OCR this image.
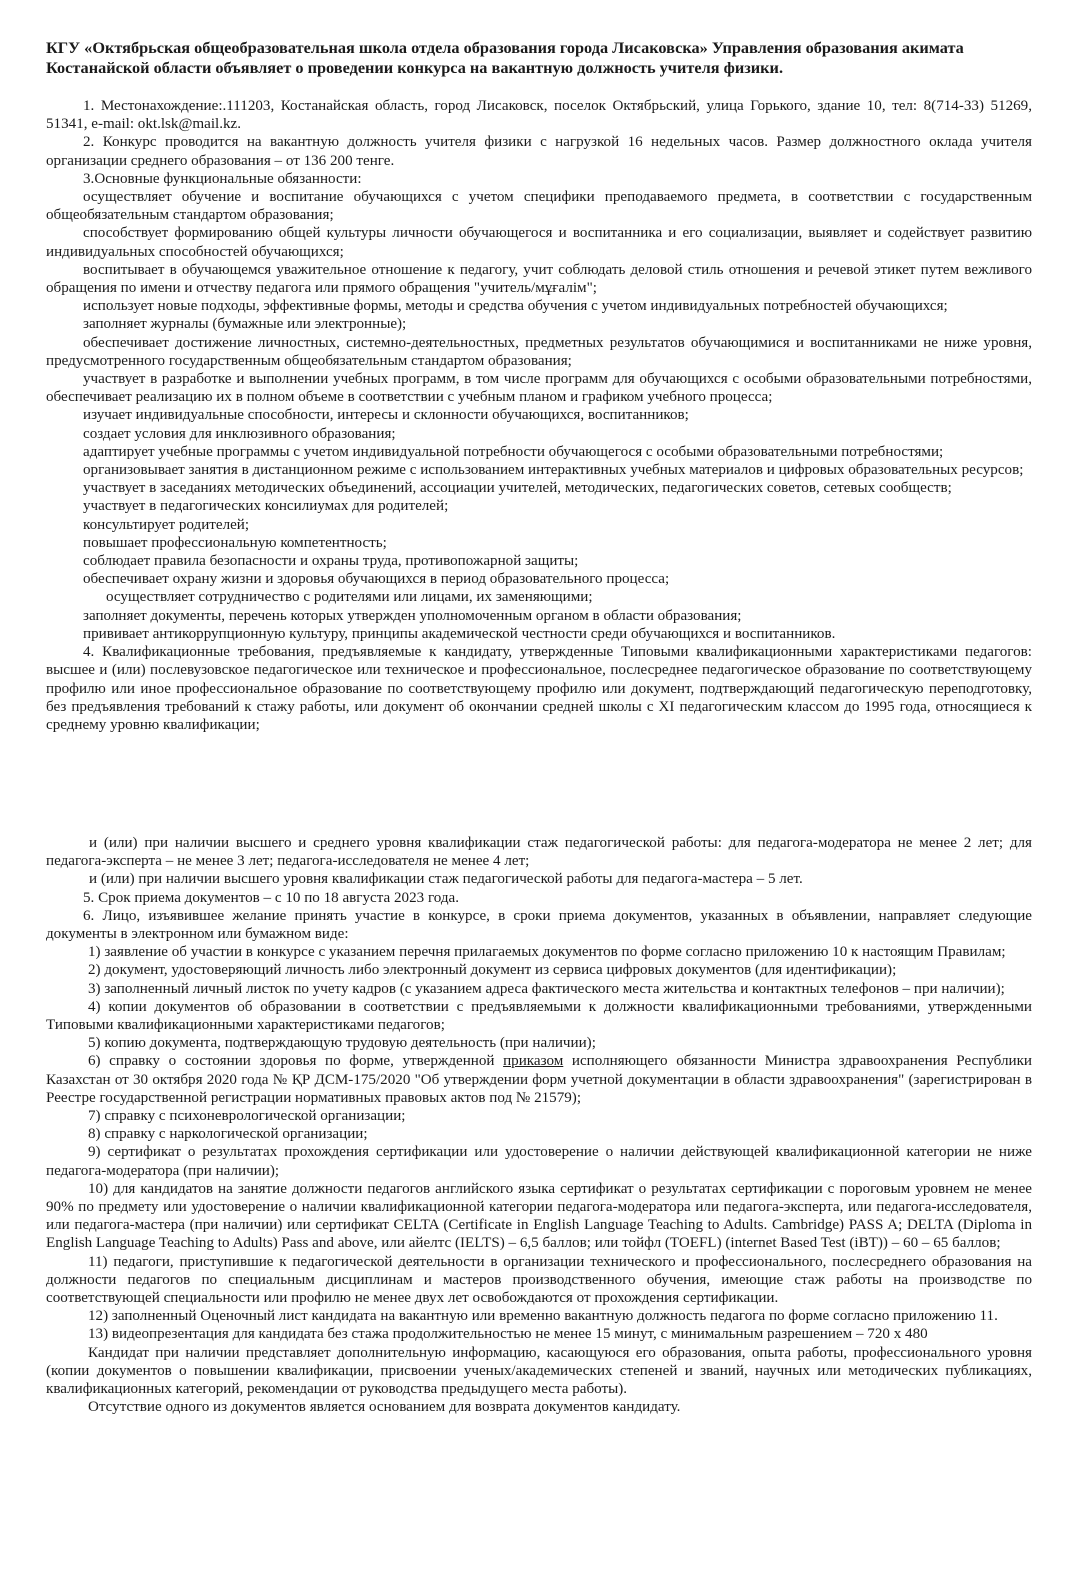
КГУ «Октябрьская общеобразовательная школа отдела образования города Лисаковска» Управления образования акимата Костанайской области объявляет о проведении конкурса на вакантную должность учителя физики.

1. Местонахождение:.111203, Костанайская область, город Лисаковск, поселок Октябрьский, улица Горького, здание 10, тел: 8(714-33) 51269, 51341, e-mail: okt.lsk@mail.kz.

2. Конкурс проводится на вакантную должность учителя физики с нагрузкой 16 недельных часов. Размер должностного оклада учителя организации среднего образования – от 136 200 тенге.

3.Основные функциональные обязанности:

осуществляет обучение и воспитание обучающихся с учетом специфики преподаваемого предмета, в соответствии с государственным общеобязательным стандартом образования;

способствует формированию общей культуры личности обучающегося и воспитанника и его социализации, выявляет и содействует развитию индивидуальных способностей обучающихся;

воспитывает в обучающемся уважительное отношение к педагогу, учит соблюдать деловой стиль отношения и речевой этикет путем вежливого обращения по имени и отчеству педагога или прямого обращения "учитель/мұғалім";

использует новые подходы, эффективные формы, методы и средства обучения с учетом индивидуальных потребностей обучающихся;

заполняет журналы (бумажные или электронные);

обеспечивает достижение личностных, системно-деятельностных, предметных результатов обучающимися и воспитанниками не ниже уровня, предусмотренного государственным общеобязательным стандартом образования;

участвует в разработке и выполнении учебных программ, в том числе программ для обучающихся с особыми образовательными потребностями, обеспечивает реализацию их в полном объеме в соответствии с учебным планом и графиком учебного процесса;

изучает индивидуальные способности, интересы и склонности обучающихся, воспитанников;

создает условия для инклюзивного образования;

адаптирует учебные программы с учетом индивидуальной потребности обучающегося с особыми образовательными потребностями;

организовывает занятия в дистанционном режиме с использованием интерактивных учебных материалов и цифровых образовательных ресурсов;

участвует в заседаниях методических объединений, ассоциации учителей, методических, педагогических советов, сетевых сообществ;

участвует в педагогических консилиумах для родителей;

консультирует родителей;

повышает профессиональную компетентность;

соблюдает правила безопасности и охраны труда, противопожарной защиты;

обеспечивает охрану жизни и здоровья обучающихся в период образовательного процесса;

осуществляет сотрудничество с родителями или лицами, их заменяющими;

заполняет документы, перечень которых утвержден уполномоченным органом в области образования;

прививает антикоррупционную культуру, принципы академической честности среди обучающихся и воспитанников.

4. Квалификационные требования, предъявляемые к кандидату, утвержденные Типовыми квалификационными характеристиками педагогов: высшее и (или) послевузовское педагогическое или техническое и профессиональное, послесреднее педагогическое образование по соответствующему профилю или иное профессиональное образование по соответствующему профилю или документ, подтверждающий педагогическую переподготовку, без предъявления требований к стажу работы, или документ об окончании средней школы с XI педагогическим классом до 1995 года, относящиеся к среднему уровню квалификации;

и (или) при наличии высшего и среднего уровня квалификации стаж педагогической работы: для педагога-модератора не менее 2 лет; для педагога-эксперта – не менее 3 лет; педагога-исследователя не менее 4 лет;

и (или) при наличии высшего уровня квалификации стаж педагогической работы для педагога-мастера – 5 лет.

5. Срок приема документов – с 10 по 18 августа 2023 года.

6. Лицо, изъявившее желание принять участие в конкурсе, в сроки приема документов, указанных в объявлении, направляет следующие документы в электронном или бумажном виде:

1) заявление об участии в конкурсе с указанием перечня прилагаемых документов по форме согласно приложению 10 к настоящим Правилам;

2) документ, удостоверяющий личность либо электронный документ из сервиса цифровых документов (для идентификации);

3) заполненный личный листок по учету кадров (с указанием адреса фактического места жительства и контактных телефонов – при наличии);

4) копии документов об образовании в соответствии с предъявляемыми к должности квалификационными требованиями, утвержденными Типовыми квалификационными характеристиками педагогов;

5) копию документа, подтверждающую трудовую деятельность (при наличии);

6) справку о состоянии здоровья по форме, утвержденной приказом исполняющего обязанности Министра здравоохранения Республики Казахстан от 30 октября 2020 года № ҚР ДСМ-175/2020 "Об утверждении форм учетной документации в области здравоохранения" (зарегистрирован в Реестре государственной регистрации нормативных правовых актов под № 21579);

7) справку с психоневрологической организации;

8) справку с наркологической организации;

9) сертификат о результатах прохождения сертификации или удостоверение о наличии действующей квалификационной категории не ниже педагога-модератора (при наличии);

10) для кандидатов на занятие должности педагогов английского языка сертификат о результатах сертификации с пороговым уровнем не менее 90% по предмету или удостоверение о наличии квалификационной категории педагога-модератора или педагога-эксперта, или педагога-исследователя, или педагога-мастера (при наличии) или сертификат CELTA (Certificate in English Language Teaching to Adults. Cambridge) PASS A; DELTA (Diploma in English Language Teaching to Adults) Pass and above, или айелтс (IELTS) – 6,5 баллов; или тойфл (TOEFL) (internet Based Test (iBT)) – 60 – 65 баллов;

11) педагоги, приступившие к педагогической деятельности в организации технического и профессионального, послесреднего образования на должности педагогов по специальным дисциплинам и мастеров производственного обучения, имеющие стаж работы на производстве по соответствующей специальности или профилю не менее двух лет освобождаются от прохождения сертификации.

12) заполненный Оценочный лист кандидата на вакантную или временно вакантную должность педагога по форме согласно приложению 11.

13) видеопрезентация для кандидата без стажа продолжительностью не менее 15 минут, с минимальным разрешением – 720 x 480

Кандидат при наличии представляет дополнительную информацию, касающуюся его образования, опыта работы, профессионального уровня (копии документов о повышении квалификации, присвоении ученых/академических степеней и званий, научных или методических публикациях, квалификационных категорий, рекомендации от руководства предыдущего места работы).

Отсутствие одного из документов является основанием для возврата документов кандидату.
